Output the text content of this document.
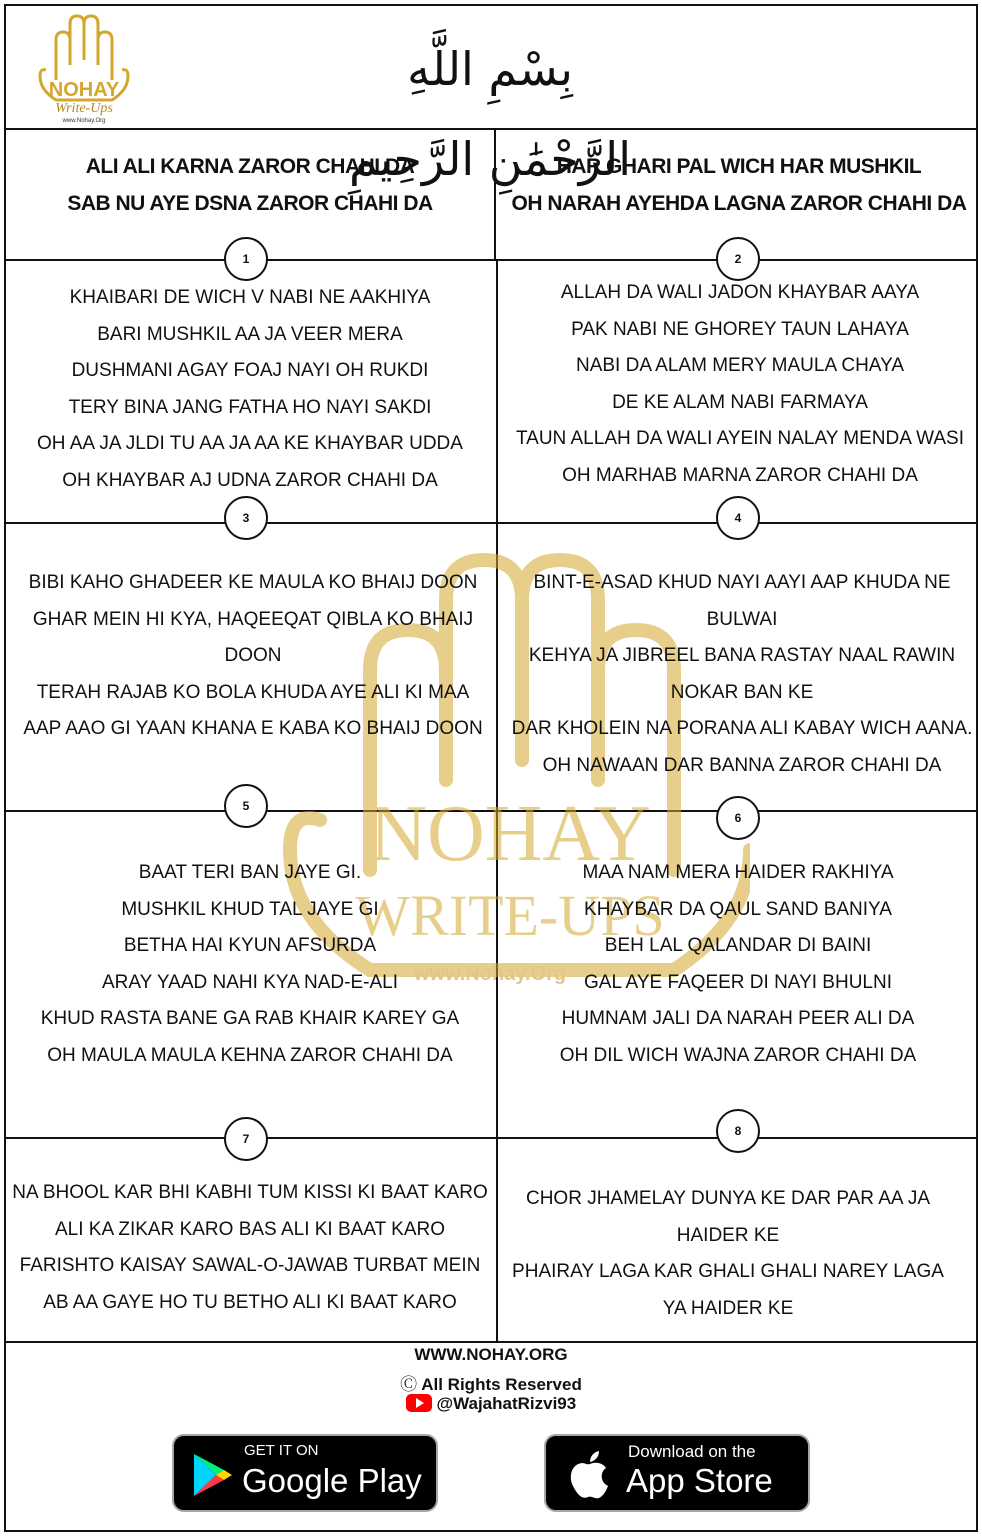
NOHAY
Write-Ups
www.Nohay.Org
بِسْمِ اللَّهِ الرَّحْمَٰنِ الرَّحِيمِ
NOHAY
WRITE-UPS
www.Nohay.Org
ALI ALI KARNA ZAROR CHAHI DA
SAB NU AYE DSNA ZAROR CHAHI DA
HAR GHARI PAL WICH HAR MUSHKIL
OH NARAH AYEHDA LAGNA ZAROR CHAHI DA
1	2
3	4
5
6
7
8
KHAIBARI DE WICH V NABI NE AAKHIYA
BARI MUSHKIL AA JA VEER MERA
DUSHMANI AGAY FOAJ NAYI OH RUKDI
TERY BINA JANG FATHA HO NAYI SAKDI
OH AA JA JLDI TU AA JA AA KE KHAYBAR UDDA
OH KHAYBAR AJ UDNA ZAROR CHAHI DA
ALLAH DA WALI JADON KHAYBAR AAYA
PAK NABI NE GHOREY TAUN LAHAYA
NABI DA ALAM MERY MAULA CHAYA
DE KE ALAM NABI FARMAYA
TAUN ALLAH DA WALI AYEIN NALAY MENDA WASI
OH MARHAB MARNA ZAROR CHAHI DA
BIBI KAHO GHADEER KE MAULA KO BHAIJ DOON
GHAR MEIN HI KYA, HAQEEQAT QIBLA KO BHAIJ
DOON
TERAH RAJAB KO BOLA KHUDA AYE ALI KI MAA
AAP AAO GI YAAN KHANA E KABA KO BHAIJ DOON
BINT-E-ASAD KHUD NAYI AAYI AAP KHUDA NE
BULWAI
KEHYA JA JIBREEL BANA RASTAY NAAL RAWIN
NOKAR BAN KE
DAR KHOLEIN NA PORANA ALI KABAY WICH AANA.
OH NAWAAN DAR BANNA ZAROR CHAHI DA
BAAT TERI BAN JAYE GI.
MUSHKIL KHUD TAL JAYE GI
BETHA HAI KYUN AFSURDA
ARAY YAAD NAHI KYA NAD-E-ALI
KHUD RASTA BANE GA RAB KHAIR KAREY GA
OH MAULA MAULA KEHNA ZAROR CHAHI DA
MAA NAM MERA HAIDER RAKHIYA
KHAYBAR DA QAUL SAND BANIYA
BEH LAL QALANDAR DI BAINI
GAL AYE FAQEER DI NAYI BHULNI
HUMNAM JALI DA NARAH PEER ALI DA
OH DIL WICH WAJNA ZAROR CHAHI DA
NA BHOOL KAR BHI KABHI TUM KISSI KI BAAT KARO
ALI KA ZIKAR KARO BAS ALI KI BAAT KARO
FARISHTO KAISAY SAWAL-O-JAWAB TURBAT MEIN
AB AA GAYE HO TU BETHO ALI KI BAAT KARO
CHOR JHAMELAY DUNYA KE DAR PAR AA JA
HAIDER KE
PHAIRAY LAGA KAR GHALI GHALI NAREY LAGA
YA HAIDER KE
WWW.NOHAY.ORG
Ⓒ All Rights Reserved
@WajahatRizvi93
GET IT ON
Google Play
Download on the
App Store
